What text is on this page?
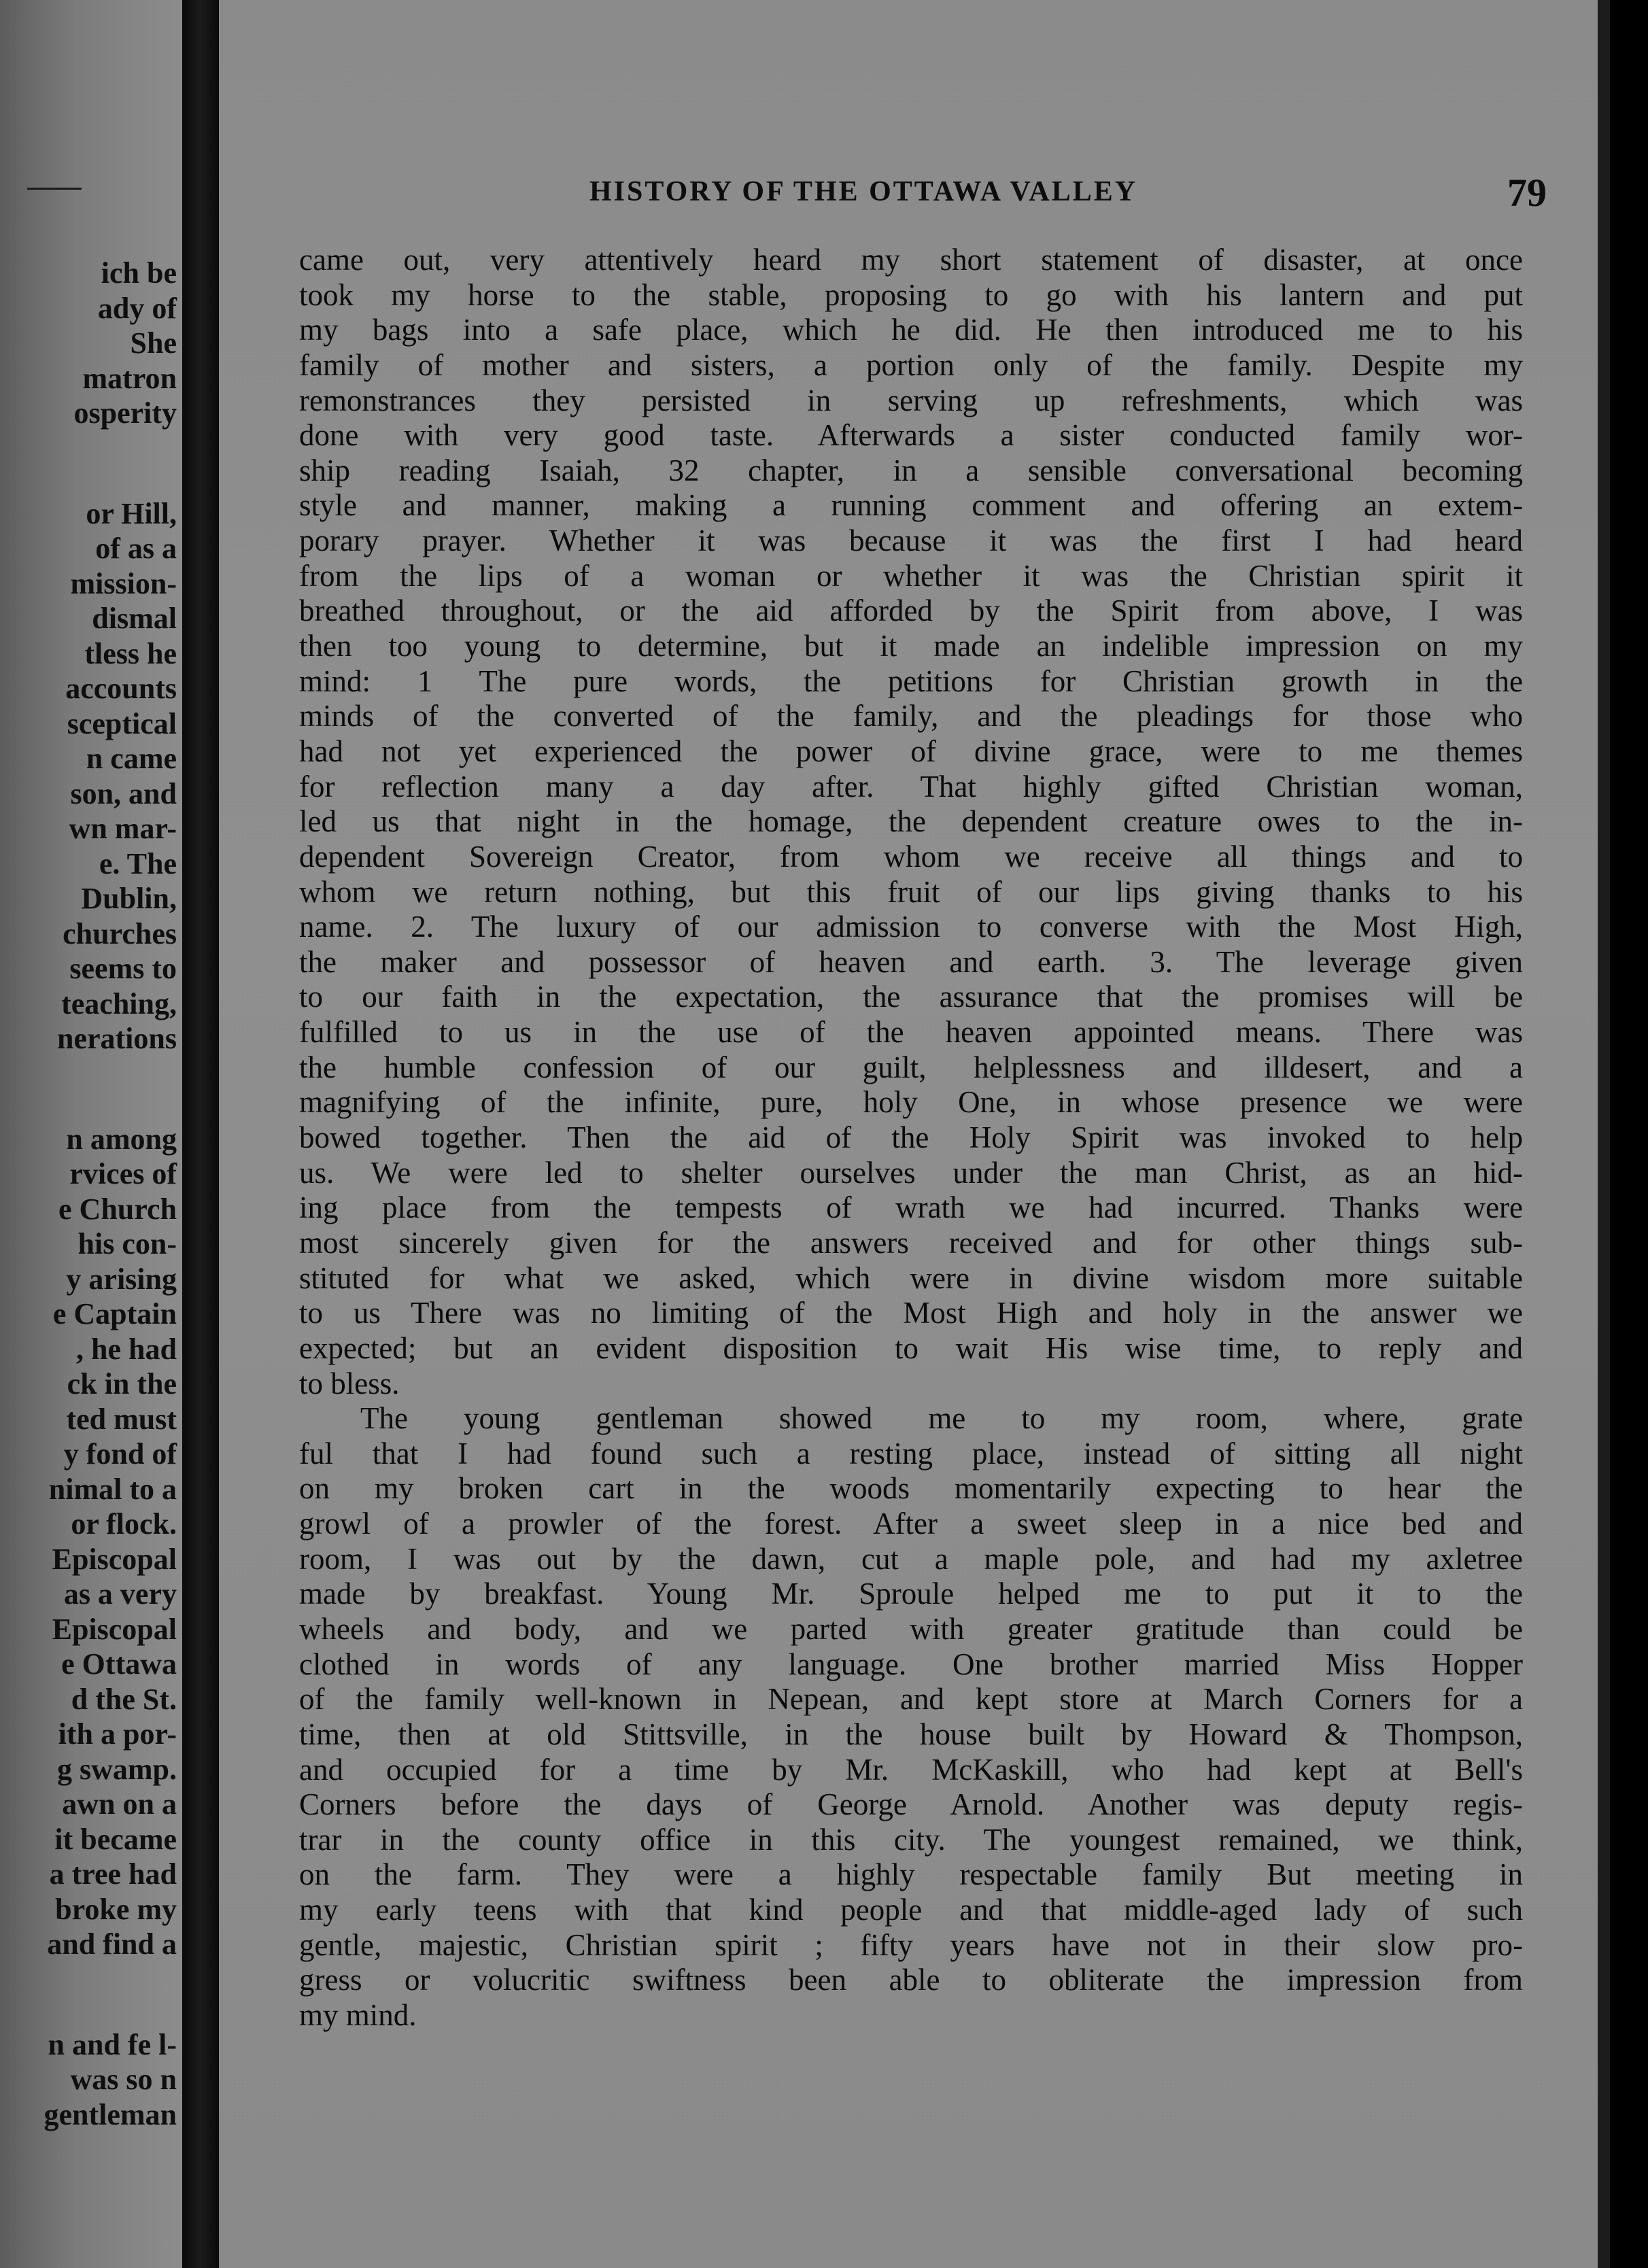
ich be
ady of
She
matron
osperity
or Hill,
of as a
mission-
dismal
tless he
accounts
sceptical
n came
son, and
wn mar-
e. The
Dublin,
churches
seems to
teaching,
nerations
n among
rvices of
e Church
his con-
y arising
e Captain
, he had
ck in the
ted must
y fond of
nimal to a
or flock.
Episcopal
as a very
Episcopal
e Ottawa
d the St.
ith a por-
g swamp.
awn on a
it became
a tree had
broke my
and find a
n and fe l-
was so n
gentleman
HISTORY OF THE OTTAWA VALLEY	79
came out, very attentively heard my short statement of disaster, at once
took my horse to the stable, proposing to go with his lantern and put
my bags into a safe place, which he did. He then introduced me to his
family of mother and sisters, a portion only of the family. Despite my
remonstrances they persisted in serving up refreshments, which was
done with very good taste. Afterwards a sister conducted family wor-
ship reading Isaiah, 32 chapter, in a sensible conversational becoming
style and manner, making a running comment and offering an extem-
porary prayer. Whether it was because it was the first I had heard
from the lips of a woman or whether it was the Christian spirit it
breathed throughout, or the aid afforded by the Spirit from above, I was
then too young to determine, but it made an indelible impression on my
mind: 1 The pure words, the petitions for Christian growth in the
minds of the converted of the family, and the pleadings for those who
had not yet experienced the power of divine grace, were to me themes
for reflection many a day after. That highly gifted Christian woman,
led us that night in the homage, the dependent creature owes to the in-
dependent Sovereign Creator, from whom we receive all things and to
whom we return nothing, but this fruit of our lips giving thanks to his
name. 2. The luxury of our admission to converse with the Most High,
the maker and possessor of heaven and earth. 3. The leverage given
to our faith in the expectation, the assurance that the promises will be
fulfilled to us in the use of the heaven appointed means. There was
the humble confession of our guilt, helplessness and illdesert, and a
magnifying of the infinite, pure, holy One, in whose presence we were
bowed together. Then the aid of the Holy Spirit was invoked to help
us. We were led to shelter ourselves under the man Christ, as an hid-
ing place from the tempests of wrath we had incurred. Thanks were
most sincerely given for the answers received and for other things sub-
stituted for what we asked, which were in divine wisdom more suitable
to us There was no limiting of the Most High and holy in the answer we
expected; but an evident disposition to wait His wise time, to reply and
to bless.
The young gentleman showed me to my room, where, grate
ful that I had found such a resting place, instead of sitting all night
on my broken cart in the woods momentarily expecting to hear the
growl of a prowler of the forest. After a sweet sleep in a nice bed and
room, I was out by the dawn, cut a maple pole, and had my axletree
made by breakfast. Young Mr. Sproule helped me to put it to the
wheels and body, and we parted with greater gratitude than could be
clothed in words of any language. One brother married Miss Hopper
of the family well-known in Nepean, and kept store at March Corners for a
time, then at old Stittsville, in the house built by Howard & Thompson,
and occupied for a time by Mr. McKaskill, who had kept at Bell's
Corners before the days of George Arnold. Another was deputy regis-
trar in the county office in this city. The youngest remained, we think,
on the farm. They were a highly respectable family But meeting in
my early teens with that kind people and that middle-aged lady of such
gentle, majestic, Christian spirit ; fifty years have not in their slow pro-
gress or volucritic swiftness been able to obliterate the impression from
my mind.
